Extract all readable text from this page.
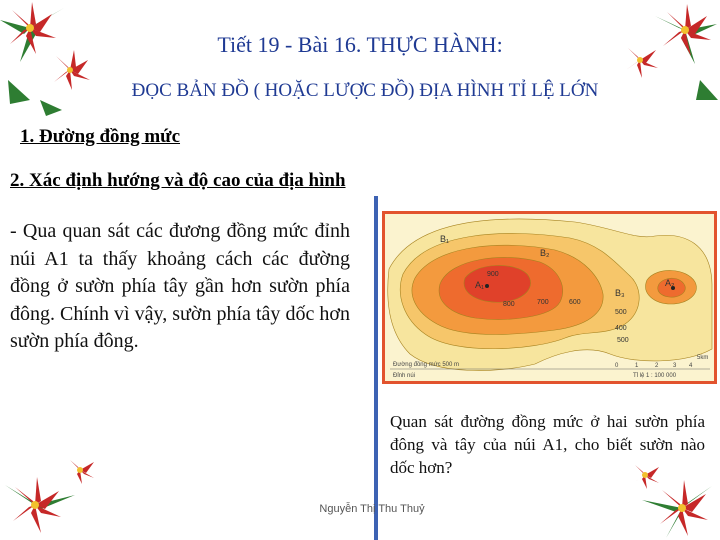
Tiết 19 - Bài 16. THỰC HÀNH:
ĐỌC BẢN ĐỒ ( HOẶC LƯỢC ĐỒ) ĐỊA HÌNH TỈ LỆ LỚN
1. Đường đồng mức
2. Xác định hướng và độ cao của địa hình
- Qua quan sát các đương đồng mức đỉnh núi A1 ta thấy khoảng cách các đường đồng ở sườn phía tây gần hơn sườn phía đông. Chính vì vậy, sườn phía tây dốc hơn sườn phía đông.
B₁
B₂
B₃
A₁	A₂
900
800	700	600
500
400
500
Đường đồng mức 500 m
Đỉnh núi	Tỉ lệ 1 : 100 000
0	1	2 3 4
5km
Quan sát đường đồng mức ở hai sườn phía đông và tây của núi A1, cho biết sườn nào dốc hơn?
Nguyễn Thị Thu Thuỷ
